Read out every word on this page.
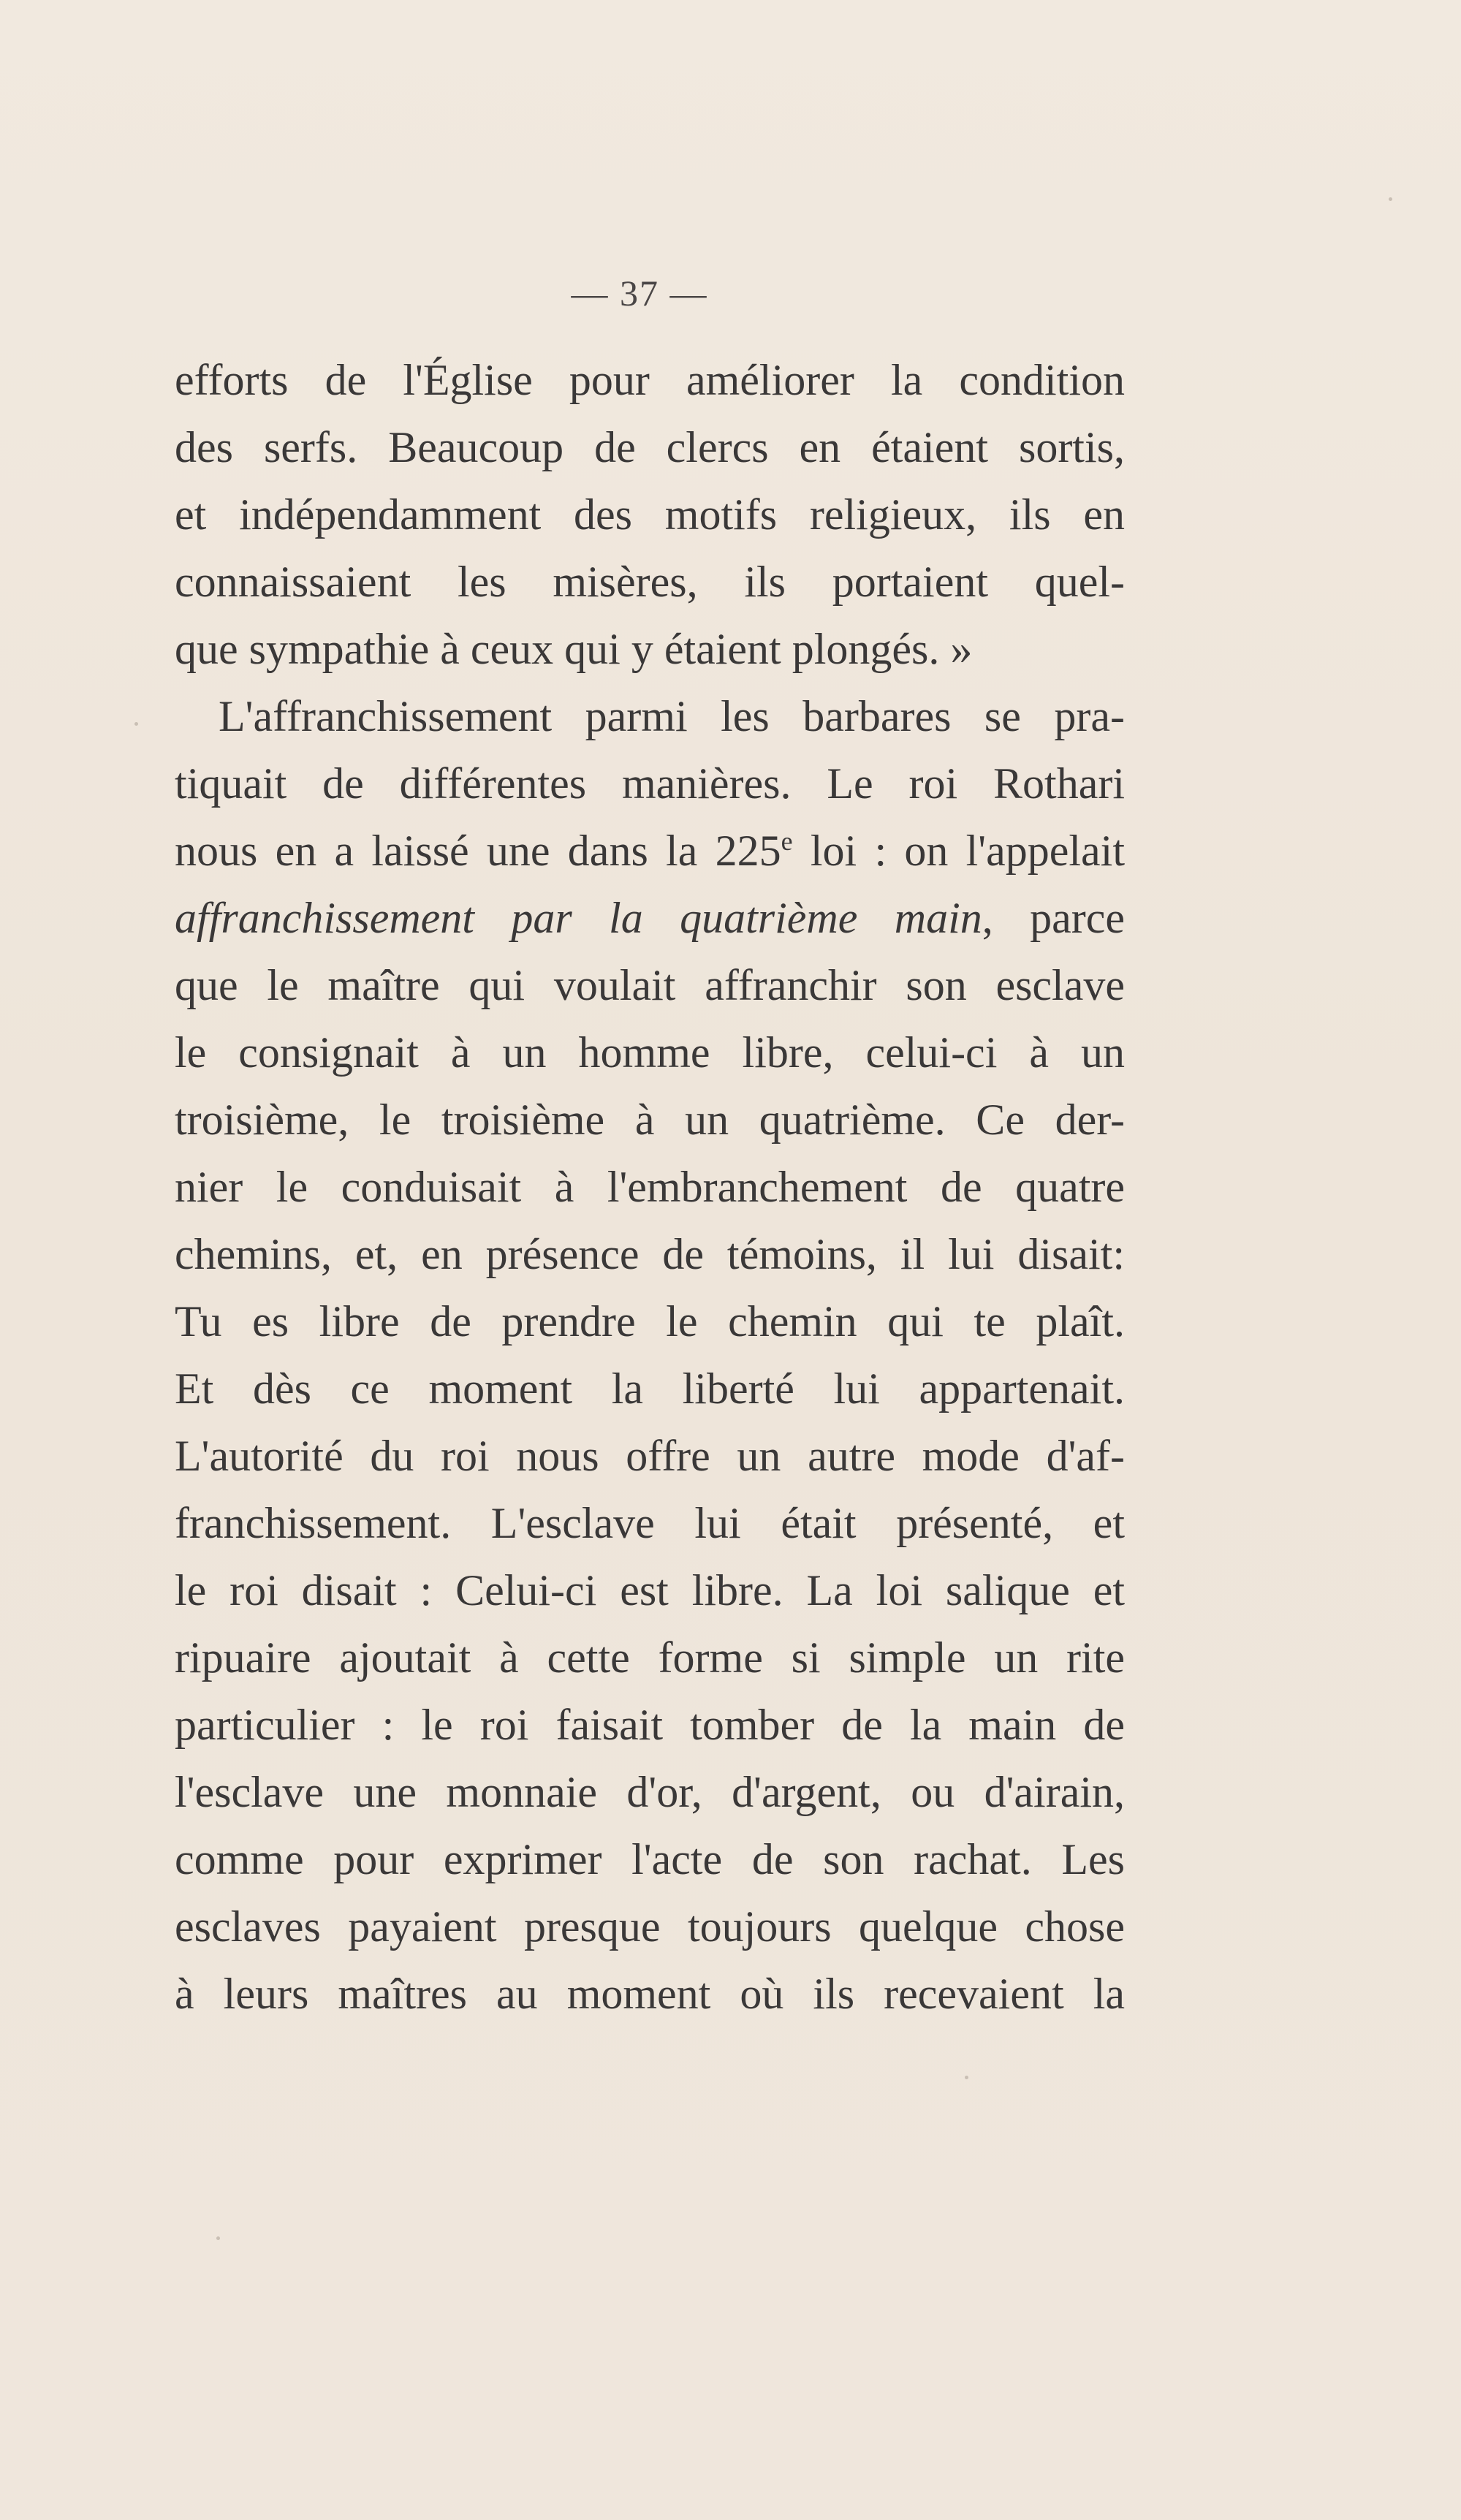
— 37 —
efforts de l'Église pour améliorer la condition
des serfs. Beaucoup de clercs en étaient sortis,
et indépendamment des motifs religieux, ils en
connaissaient les misères, ils portaient quel-
que sympathie à ceux qui y étaient plongés. »
L'affranchissement parmi les barbares se pra-
tiquait de différentes manières. Le roi Rothari
nous en a laissé une dans la 225e loi : on l'appelait
affranchissement par la quatrième main, parce
que le maître qui voulait affranchir son esclave
le consignait à un homme libre, celui-ci à un
troisième, le troisième à un quatrième. Ce der-
nier le conduisait à l'embranchement de quatre
chemins, et, en présence de témoins, il lui disait:
Tu es libre de prendre le chemin qui te plaît.
Et dès ce moment la liberté lui appartenait.
L'autorité du roi nous offre un autre mode d'af-
franchissement. L'esclave lui était présenté, et
le roi disait : Celui-ci est libre. La loi salique et
ripuaire ajoutait à cette forme si simple un rite
particulier : le roi faisait tomber de la main de
l'esclave une monnaie d'or, d'argent, ou d'airain,
comme pour exprimer l'acte de son rachat. Les
esclaves payaient presque toujours quelque chose
à leurs maîtres au moment où ils recevaient la
